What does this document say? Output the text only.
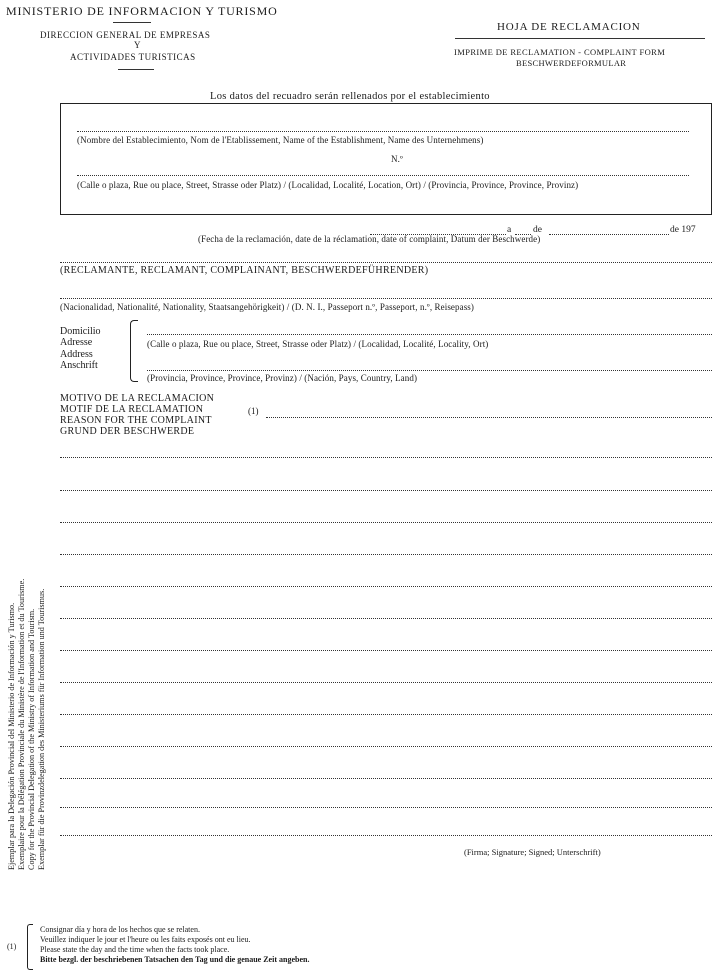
MINISTERIO DE INFORMACION Y TURISMO
DIRECCION GENERAL DE EMPRESAS
Y
ACTIVIDADES TURISTICAS
HOJA DE RECLAMACION
IMPRIME DE RECLAMATION - COMPLAINT FORM
BESCHWERDEFORMULAR
Los datos del recuadro serán rellenados por el establecimiento
(Nombre del Establecimiento, Nom de l'Etablissement, Name of the Establishment, Name des Unternehmens)
N.º
(Calle o plaza, Rue ou place, Street, Strasse oder Platz) / (Localidad, Localité, Location, Ort) / (Provincia, Province, Province, Provinz)
a de	de 197
(Fecha de la reclamación, date de la réclamation, date of complaint, Datum der Beschwerde)
(RECLAMANTE, RECLAMANT, COMPLAINANT, BESCHWERDEFÜHRENDER)
(Nacionalidad, Nationalité, Nationality, Staatsangehörigkeit) / (D. N. I., Passeport n.º, Passeport, n.º, Reisepass)
Domicilio
Adresse
Address
Anschrift
(Calle o plaza, Rue ou place, Street, Strasse oder Platz) / (Localidad, Localité, Locality, Ort)
(Provincia, Province, Province, Provinz) / (Nación, Pays, Country, Land)
MOTIVO DE LA RECLAMACION
MOTIF DE LA RECLAMATION
REASON FOR THE COMPLAINT
GRUND DER BESCHWERDE
(1)
(Firma; Signature; Signed; Unterschrift)
Ejemplar para la Delegación Provincial del Ministerio de Información y Turismo. Exemplaire pour la Délégation Provinciale du Ministère de l'Information et du Tourisme. Copy for the Provincial Delegation of the Ministry of Information and Tourism. Exemplar für die Provinzdelegation des Ministeriums für Information und Tourismus.
(1)
Consignar día y hora de los hechos que se relaten.
Veuillez indiquer le jour et l'heure ou les faits exposés ont eu lieu.
Please state the day and the time when the facts took place.
Bitte bezgl. der beschriebenen Tatsachen den Tag und die genaue Zeit angeben.
